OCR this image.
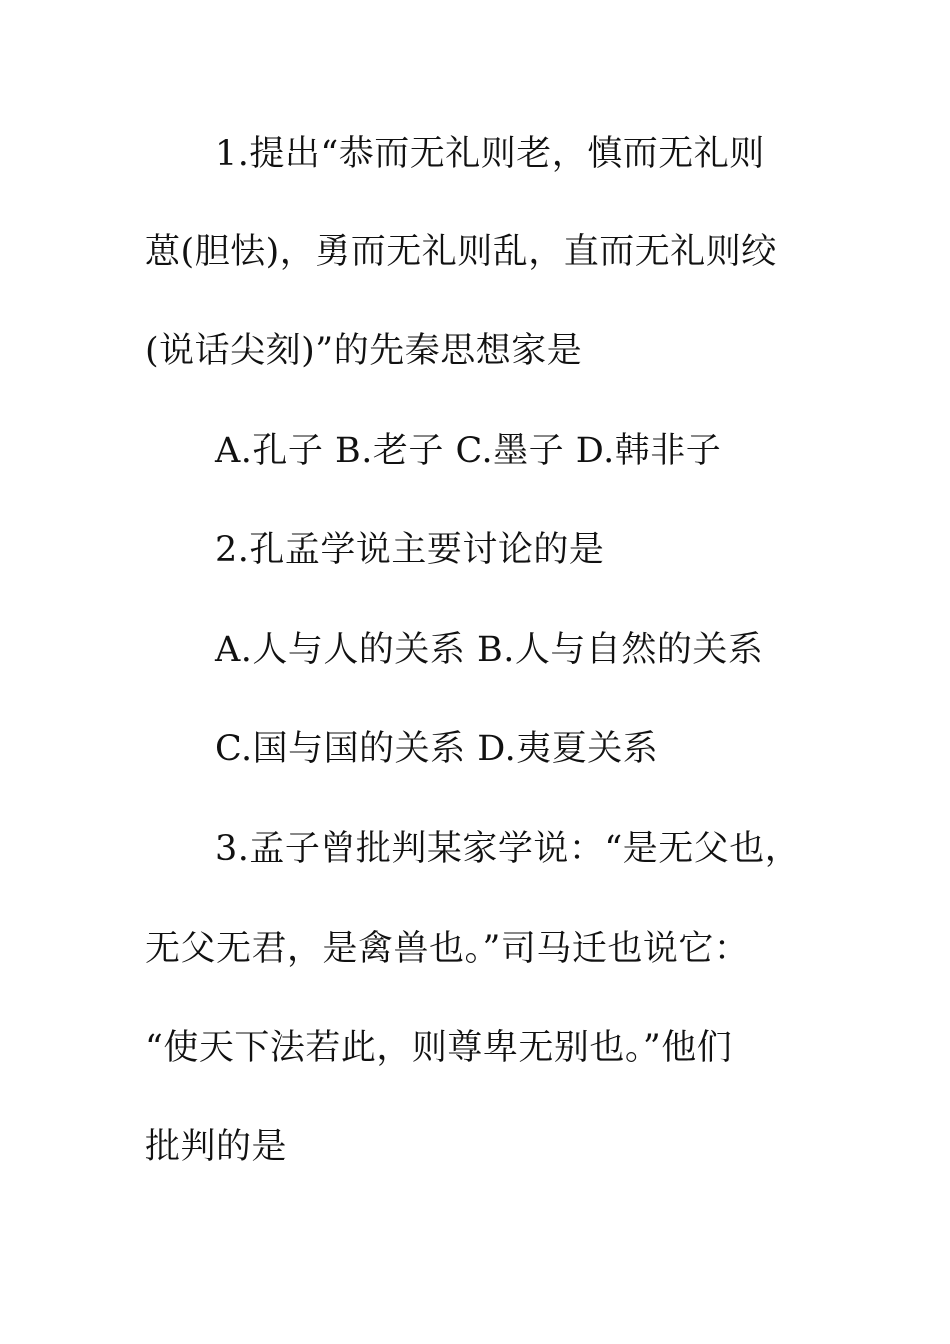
1.提出“恭而无礼则老，慎而无礼则
葸(胆怯)，勇而无礼则乱，直而无礼则绞
(说话尖刻)”的先秦思想家是
A.孔子 B.老子 C.墨子 D.韩非子
2.孔孟学说主要讨论的是
A.人与人的关系 B.人与自然的关系
C.国与国的关系 D.夷夏关系
3.孟子曾批判某家学说：“是无父也，
无父无君，是禽兽也。”司马迁也说它：
“使天下法若此，则尊卑无别也。”他们
批判的是
